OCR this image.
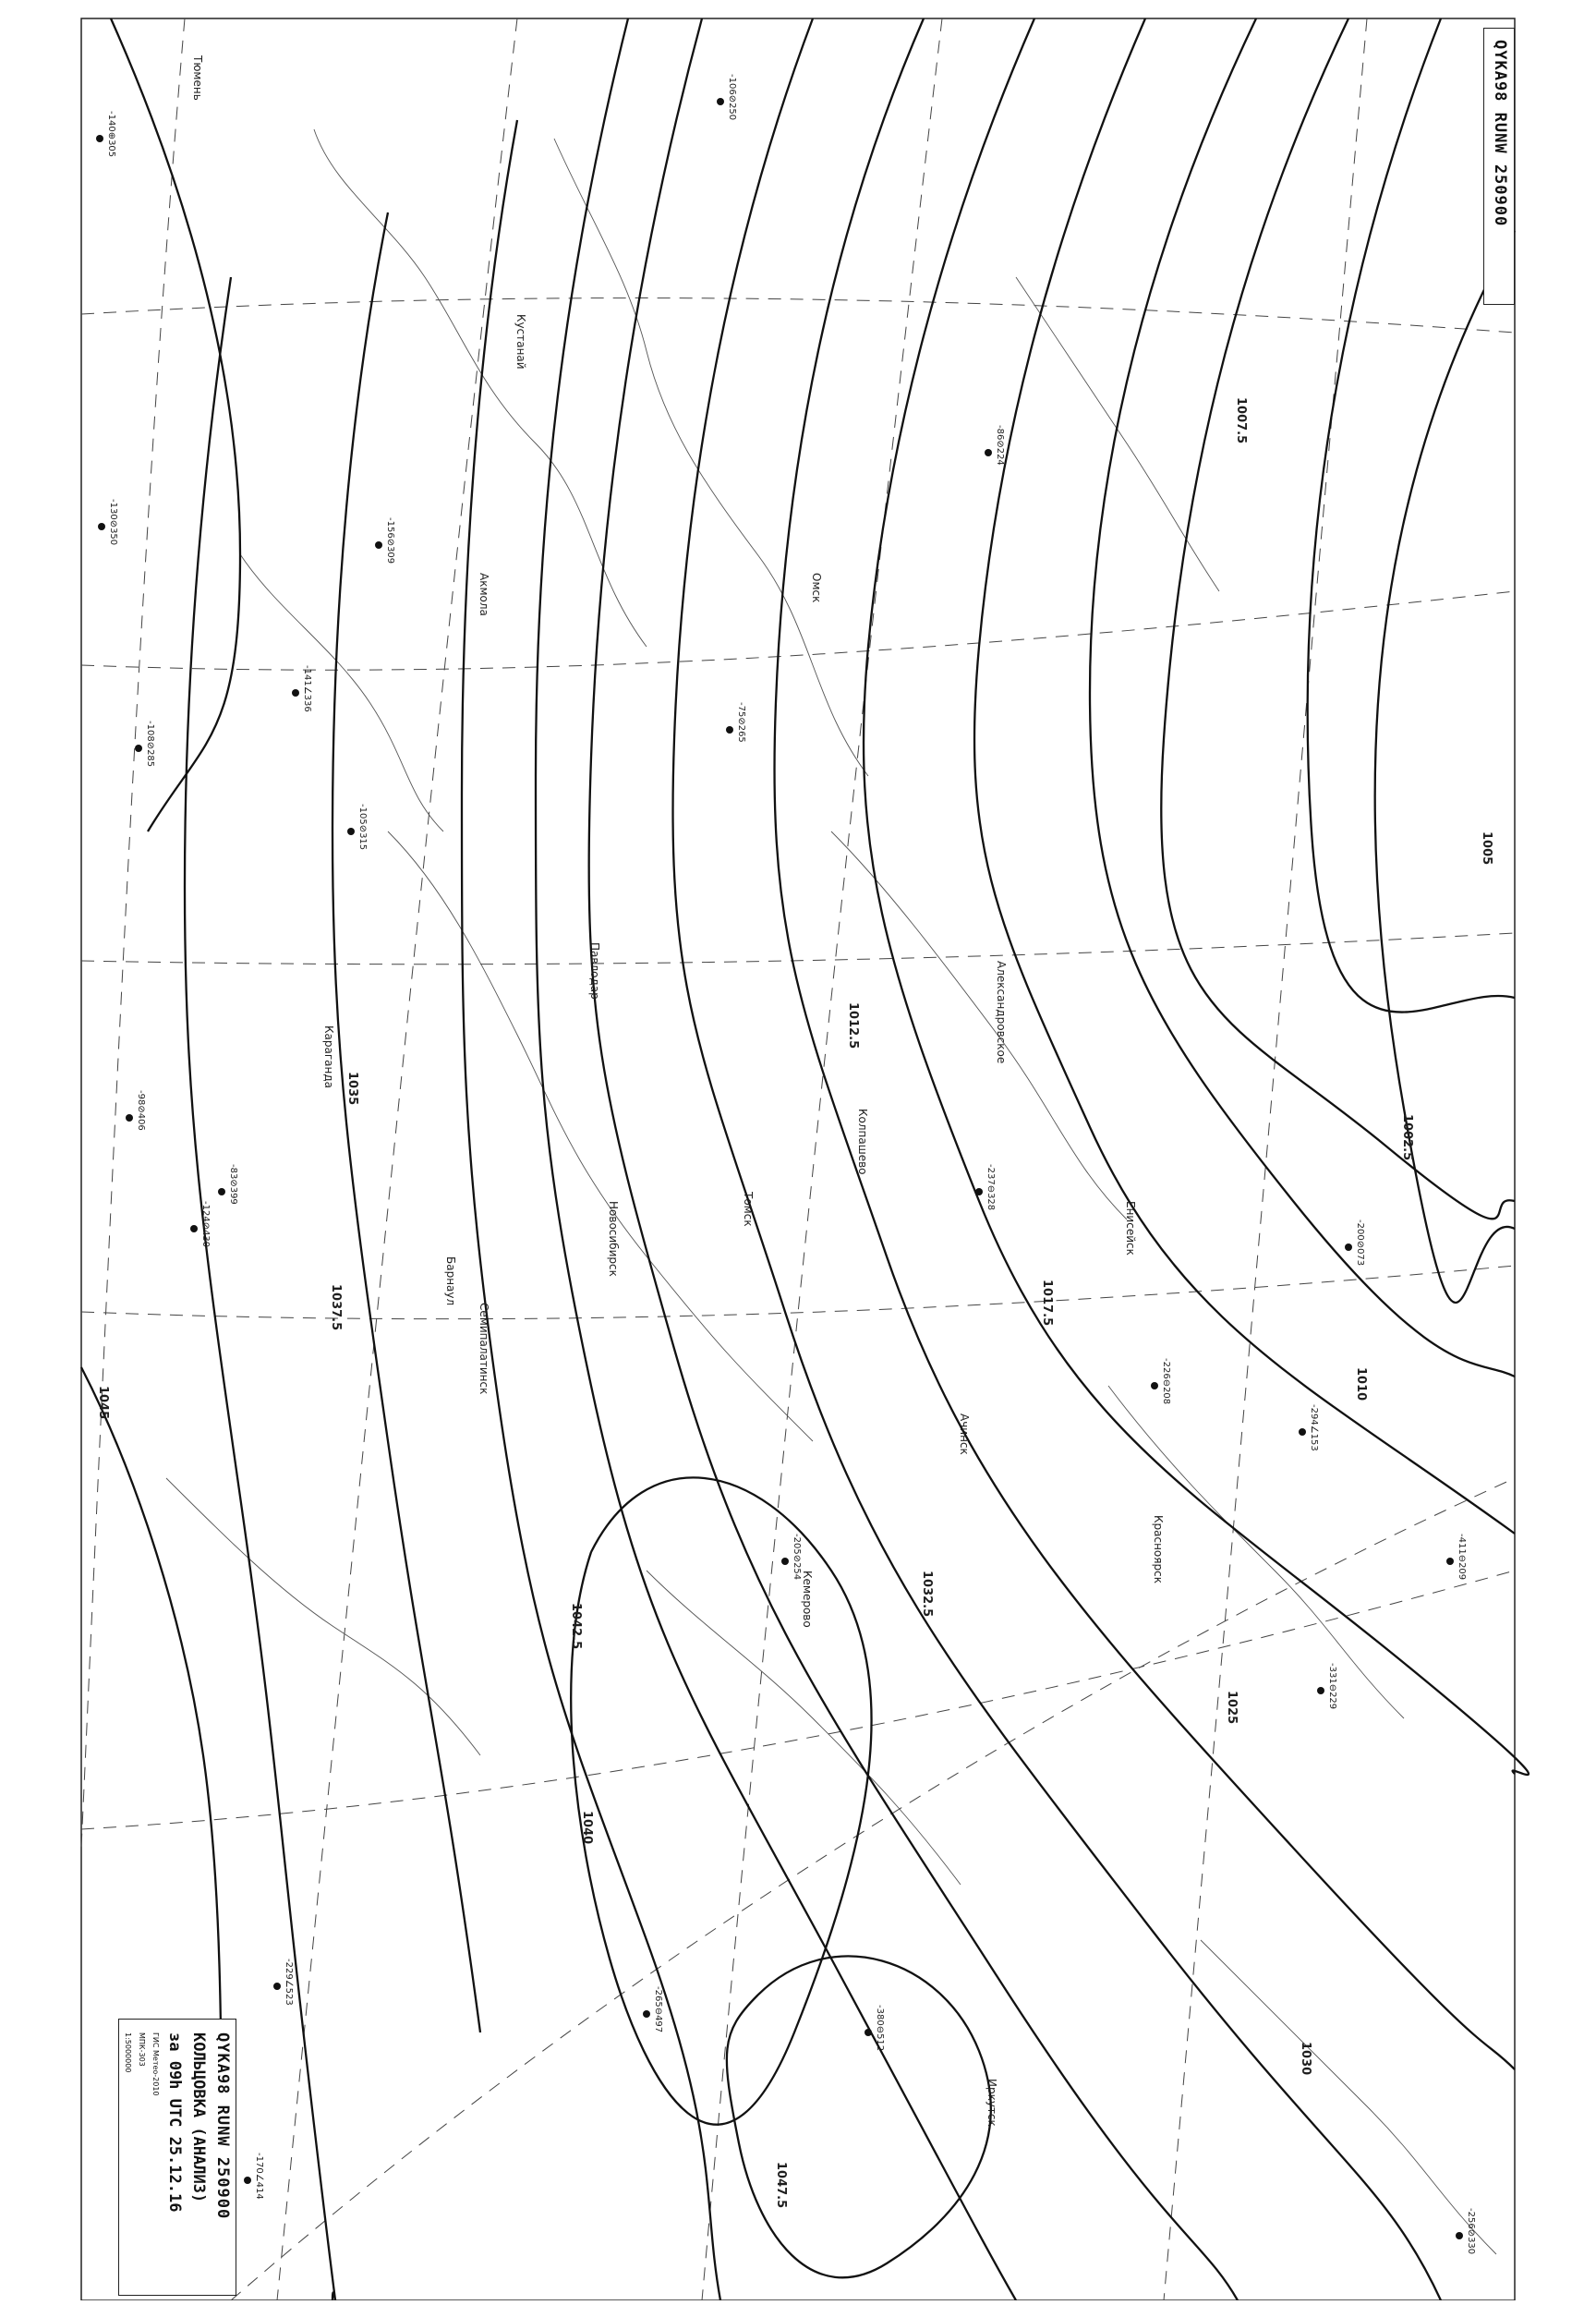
1002.5
1005
1007.5
1010
1012.5
1017.5
1025
1030
1032.5
1035
1037.5
1040
1042.5
1045
1047.5
Кустанай
Караганда
Акмола
Павлодар
Семипалатинск
Томск
Ачинск
Новосибирск
Барнаул
Кемерово
Иркутск
Красноярск
Енисейск
Александровское
Тюмень
Омск
Колпашево
-140⊕305
-156⊘309
-141∠336
-200⊘073
-226⊖208
-294∠153
-130⊘350
-108⊘285
-124⊘430
-229∠523
-265⊖497	-380⊖512
-170∠414
-106⊘250
-86⊘224
-105⊘315
-98⊘406
-83⊘399
-75⊘265
-205⊘254
-237⊖328
-411⊖209
-331⊖229
-256⊘330
QYKA98 RUNW 250900
QYKA98 RUNW 250900
КОЛЬЦОВКА (АНАЛИЗ)
за 09h UTC 25.12.16
ГИС Метео-2010
МПК-303
1:5000000
